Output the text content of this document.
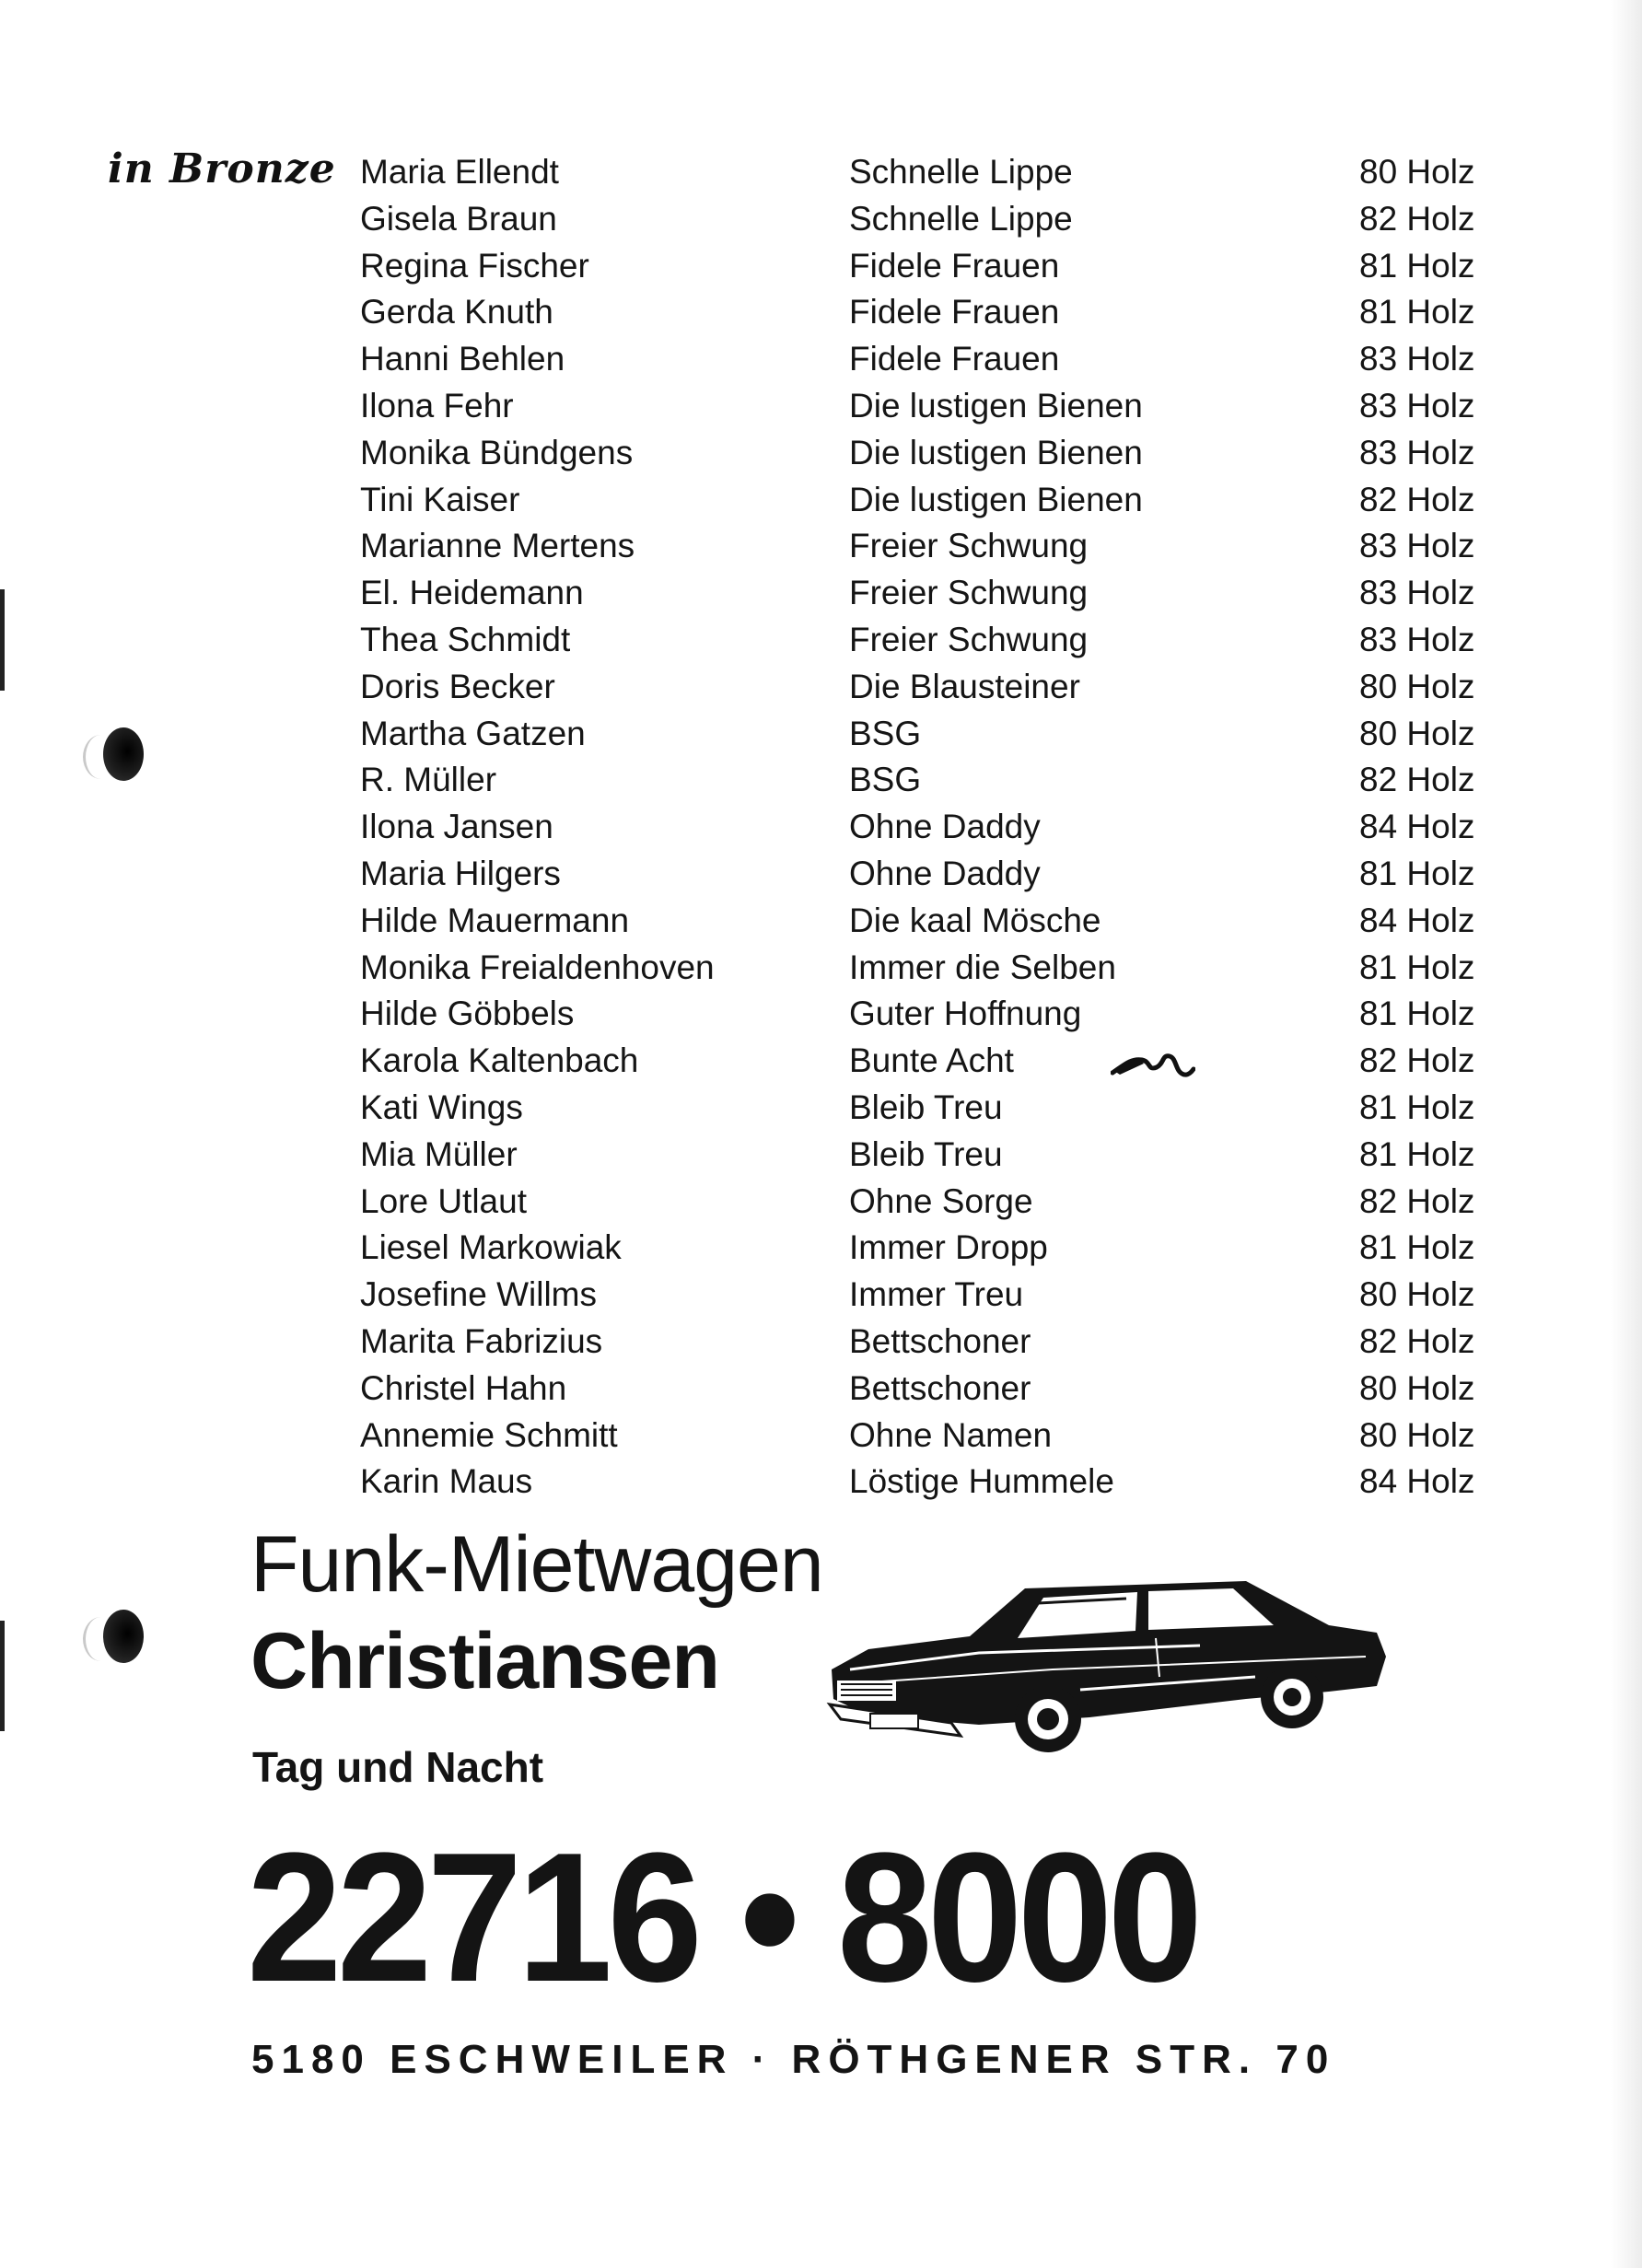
in Bronze Maria Ellendt	Schnelle Lippe	80 Holz
Gisela Braun	Schnelle Lippe	82 Holz
Regina Fischer	Fidele Frauen	81 Holz
Gerda Knuth	Fidele Frauen	81 Holz
Hanni Behlen	Fidele Frauen	83 Holz
Ilona Fehr	Die lustigen Bienen	83 Holz
Monika Bündgens	Die lustigen Bienen	83 Holz
Tini Kaiser	Die lustigen Bienen	82 Holz
Marianne Mertens	Freier Schwung	83 Holz
El. Heidemann	Freier Schwung	83 Holz
Thea Schmidt	Freier Schwung	83 Holz
Doris Becker	Die Blausteiner	80 Holz
Martha Gatzen	BSG	80 Holz
R. Müller	BSG	82 Holz
Ilona Jansen	Ohne Daddy	84 Holz
Maria Hilgers	Ohne Daddy	81 Holz
Hilde Mauermann	Die kaal Mösche	84 Holz
Monika Freialdenhoven	Immer die Selben	81 Holz
Hilde Göbbels	Guter Hoffnung	81 Holz
Karola Kaltenbach	Bunte Acht	82 Holz
Kati Wings	Bleib Treu	81 Holz
Mia Müller	Bleib Treu	81 Holz
Lore Utlaut	Ohne Sorge	82 Holz
Liesel Markowiak	Immer Dropp	81 Holz
Josefine Willms	Immer Treu	80 Holz
Marita Fabrizius	Bettschoner	82 Holz
Christel Hahn	Bettschoner	80 Holz
Annemie Schmitt	Ohne Namen	80 Holz
Karin Maus	Löstige Hummele	84 Holz
Funk-Mietwagen
Christiansen
Tag und Nacht
22716 • 8000
5180 ESCHWEILER · RÖTHGENER STR. 70
